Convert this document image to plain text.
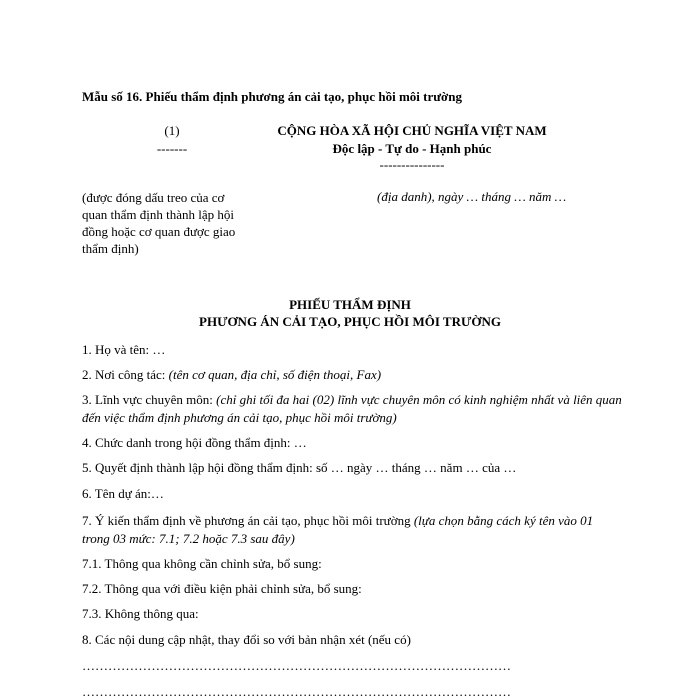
Mẫu số 16. Phiếu thẩm định phương án cải tạo, phục hồi môi trường
(1)
-------
CỘNG HÒA XÃ HỘI CHỦ NGHĨA VIỆT NAM
Độc lập - Tự do - Hạnh phúc
---------------
(được đóng dấu treo của cơ quan thẩm định thành lập hội đồng hoặc cơ quan được giao thẩm định)
(địa danh), ngày … tháng … năm …
PHIẾU THẨM ĐỊNH
PHƯƠNG ÁN CẢI TẠO, PHỤC HỒI MÔI TRƯỜNG
1. Họ và tên: …
2. Nơi công tác: (tên cơ quan, địa chỉ, số điện thoại, Fax)
3. Lĩnh vực chuyên môn: (chỉ ghi tối đa hai (02) lĩnh vực chuyên môn có kinh nghiệm nhất và liên quan đến việc thẩm định phương án cải tạo, phục hồi môi trường)
4. Chức danh trong hội đồng thẩm định: …
5. Quyết định thành lập hội đồng thẩm định: số … ngày … tháng … năm … của …
6. Tên dự án:…
7. Ý kiến thẩm định về phương án cải tạo, phục hồi môi trường (lựa chọn bằng cách ký tên vào 01 trong 03 mức: 7.1; 7.2 hoặc 7.3 sau đây)
7.1. Thông qua không cần chỉnh sửa, bổ sung:
7.2. Thông qua với điều kiện phải chỉnh sửa, bổ sung:
7.3. Không thông qua:
8. Các nội dung cập nhật, thay đổi so với bản nhận xét (nếu có)
………………………………………………………………………………………
………………………………………………………………………………………
